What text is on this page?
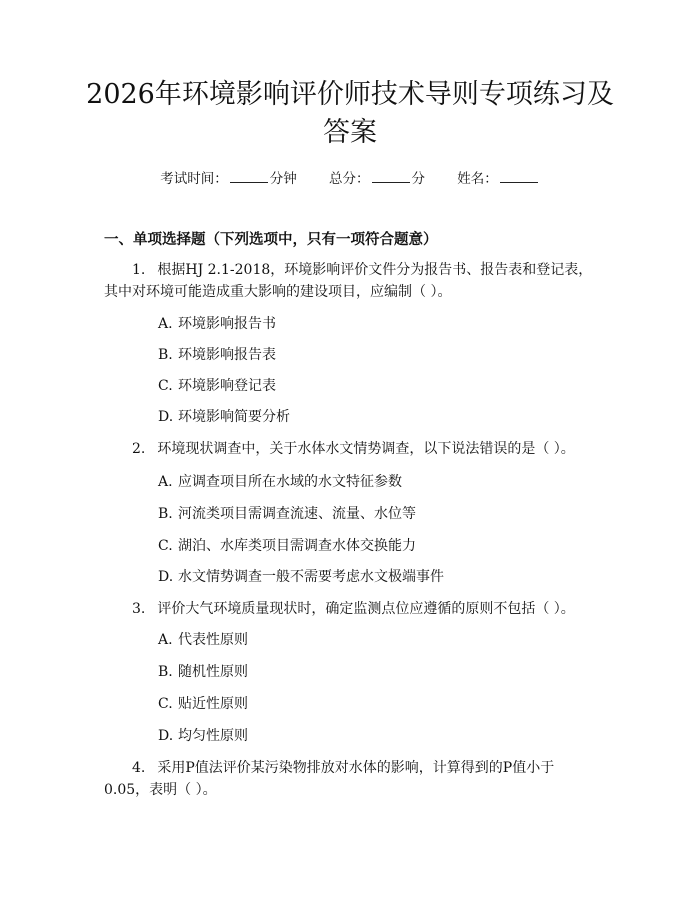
2026年环境影响评价师技术导则专项练习及
答案
考试时间：	分钟 总分：	分 姓名：
一、单项选择题（下列选项中，只有一项符合题意）
1. 根据HJ 2.1-2018，环境影响评价文件分为报告书、报告表和登记表，其中对环境可能造成重大影响的建设项目，应编制（ ）。
A. 环境影响报告书
B. 环境影响报告表
C. 环境影响登记表
D. 环境影响简要分析
2. 环境现状调查中，关于水体水文情势调查，以下说法错误的是（ ）。
A. 应调查项目所在水域的水文特征参数
B. 河流类项目需调查流速、流量、水位等
C. 湖泊、水库类项目需调查水体交换能力
D. 水文情势调查一般不需要考虑水文极端事件
3. 评价大气环境质量现状时，确定监测点位应遵循的原则不包括（ ）。
A. 代表性原则
B. 随机性原则
C. 贴近性原则
D. 均匀性原则
4. 采用P值法评价某污染物排放对水体的影响，计算得到的P值小于0.05，表明（ ）。
